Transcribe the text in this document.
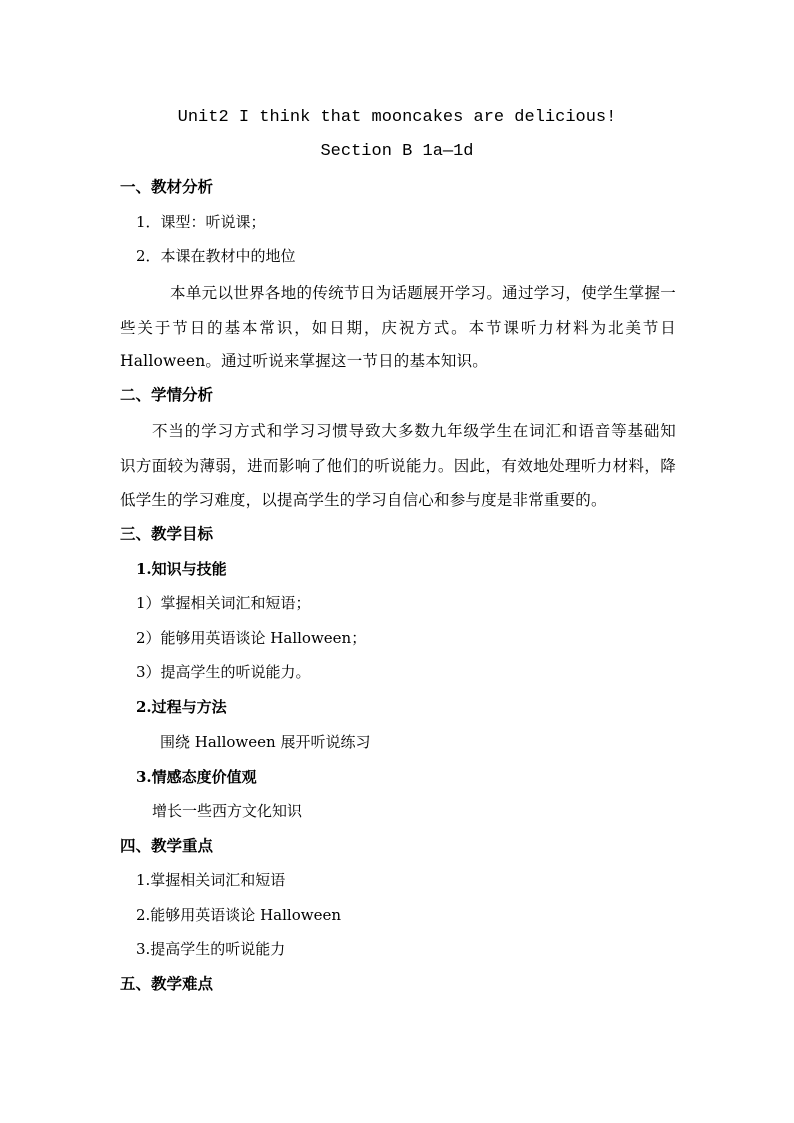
Unit2 I think that mooncakes are delicious!
Section B 1a—1d
一、教材分析
1．课型：听说课；
2．本课在教材中的地位
本单元以世界各地的传统节日为话题展开学习。通过学习，使学生掌握一
些关于节日的基本常识，如日期，庆祝方式。本节课听力材料为北美节日
Halloween。通过听说来掌握这一节日的基本知识。
二、学情分析
不当的学习方式和学习习惯导致大多数九年级学生在词汇和语音等基础知
识方面较为薄弱，进而影响了他们的听说能力。因此，有效地处理听力材料，降
低学生的学习难度，以提高学生的学习自信心和参与度是非常重要的。
三、教学目标
1.知识与技能
1）掌握相关词汇和短语；
2）能够用英语谈论 Halloween；
3）提高学生的听说能力。
2.过程与方法
围绕 Halloween 展开听说练习
3.情感态度价值观
增长一些西方文化知识
四、教学重点
1.掌握相关词汇和短语
2.能够用英语谈论 Halloween
3.提高学生的听说能力
五、教学难点
